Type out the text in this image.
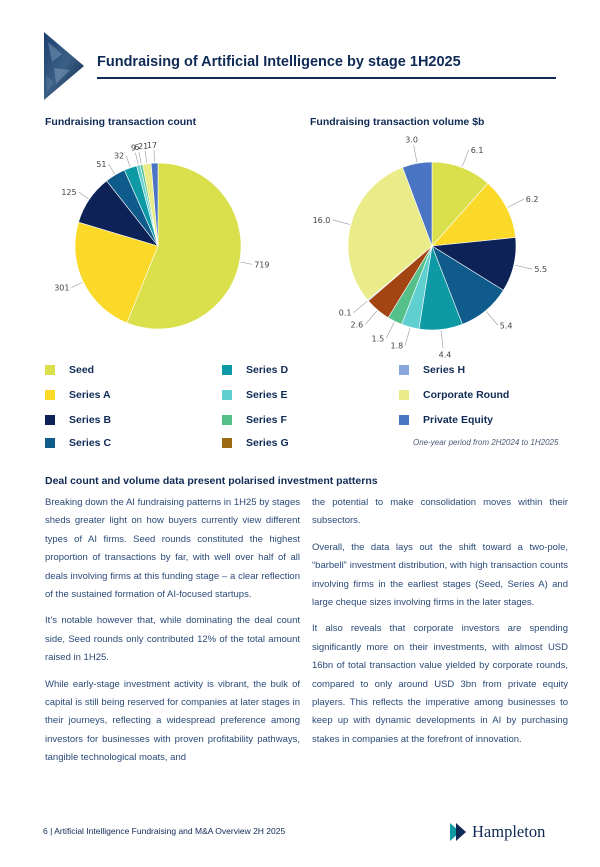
Fundraising of Artificial Intelligence by stage 1H2025
Fundraising transaction count	Fundraising transaction volume $b
719
301
125
51
32
9
6
21
17
6.1
6.2
5.5
5.4
4.4
1.8
1.5
2.6
0.1
16.0
3.0
Seed
Series A
Series B
Series C
Series D
Series E
Series F
Series G
Series H
Corporate Round
Private Equity
One-year period from 2H2024 to 1H2025
Deal count and volume data present polarised investment patterns

Breaking down the AI fundraising patterns in 1H25 by stages sheds greater light on how buyers currently view different types of AI firms. Seed rounds constituted the highest proportion of transactions by far, with well over half of all deals involving firms at this funding stage – a clear reflection of the sustained formation of AI-focused startups.

It’s notable however that, while dominating the deal count side, Seed rounds only contributed 12% of the total amount raised in 1H25.

While early-stage investment activity is vibrant, the bulk of capital is still being reserved for companies at later stages in their journeys, reflecting a widespread preference among investors for businesses with proven profitability pathways, tangible technological moats, and

the potential to make consolidation moves within their subsectors.

Overall, the data lays out the shift toward a two-pole, “barbell” investment distribution, with high transaction counts involving firms in the earliest stages (Seed, Series A) and large cheque sizes involving firms in the later stages.

It also reveals that corporate investors are spending significantly more on their investments, with almost USD 16bn of total transaction value yielded by corporate rounds, compared to only around USD 3bn from private equity players. This reflects the imperative among businesses to keep up with dynamic developments in AI by purchasing stakes in companies at the forefront of innovation.

6 | Artificial Intelligence Fundraising and M&A Overview 2H 2025	Hampleton
